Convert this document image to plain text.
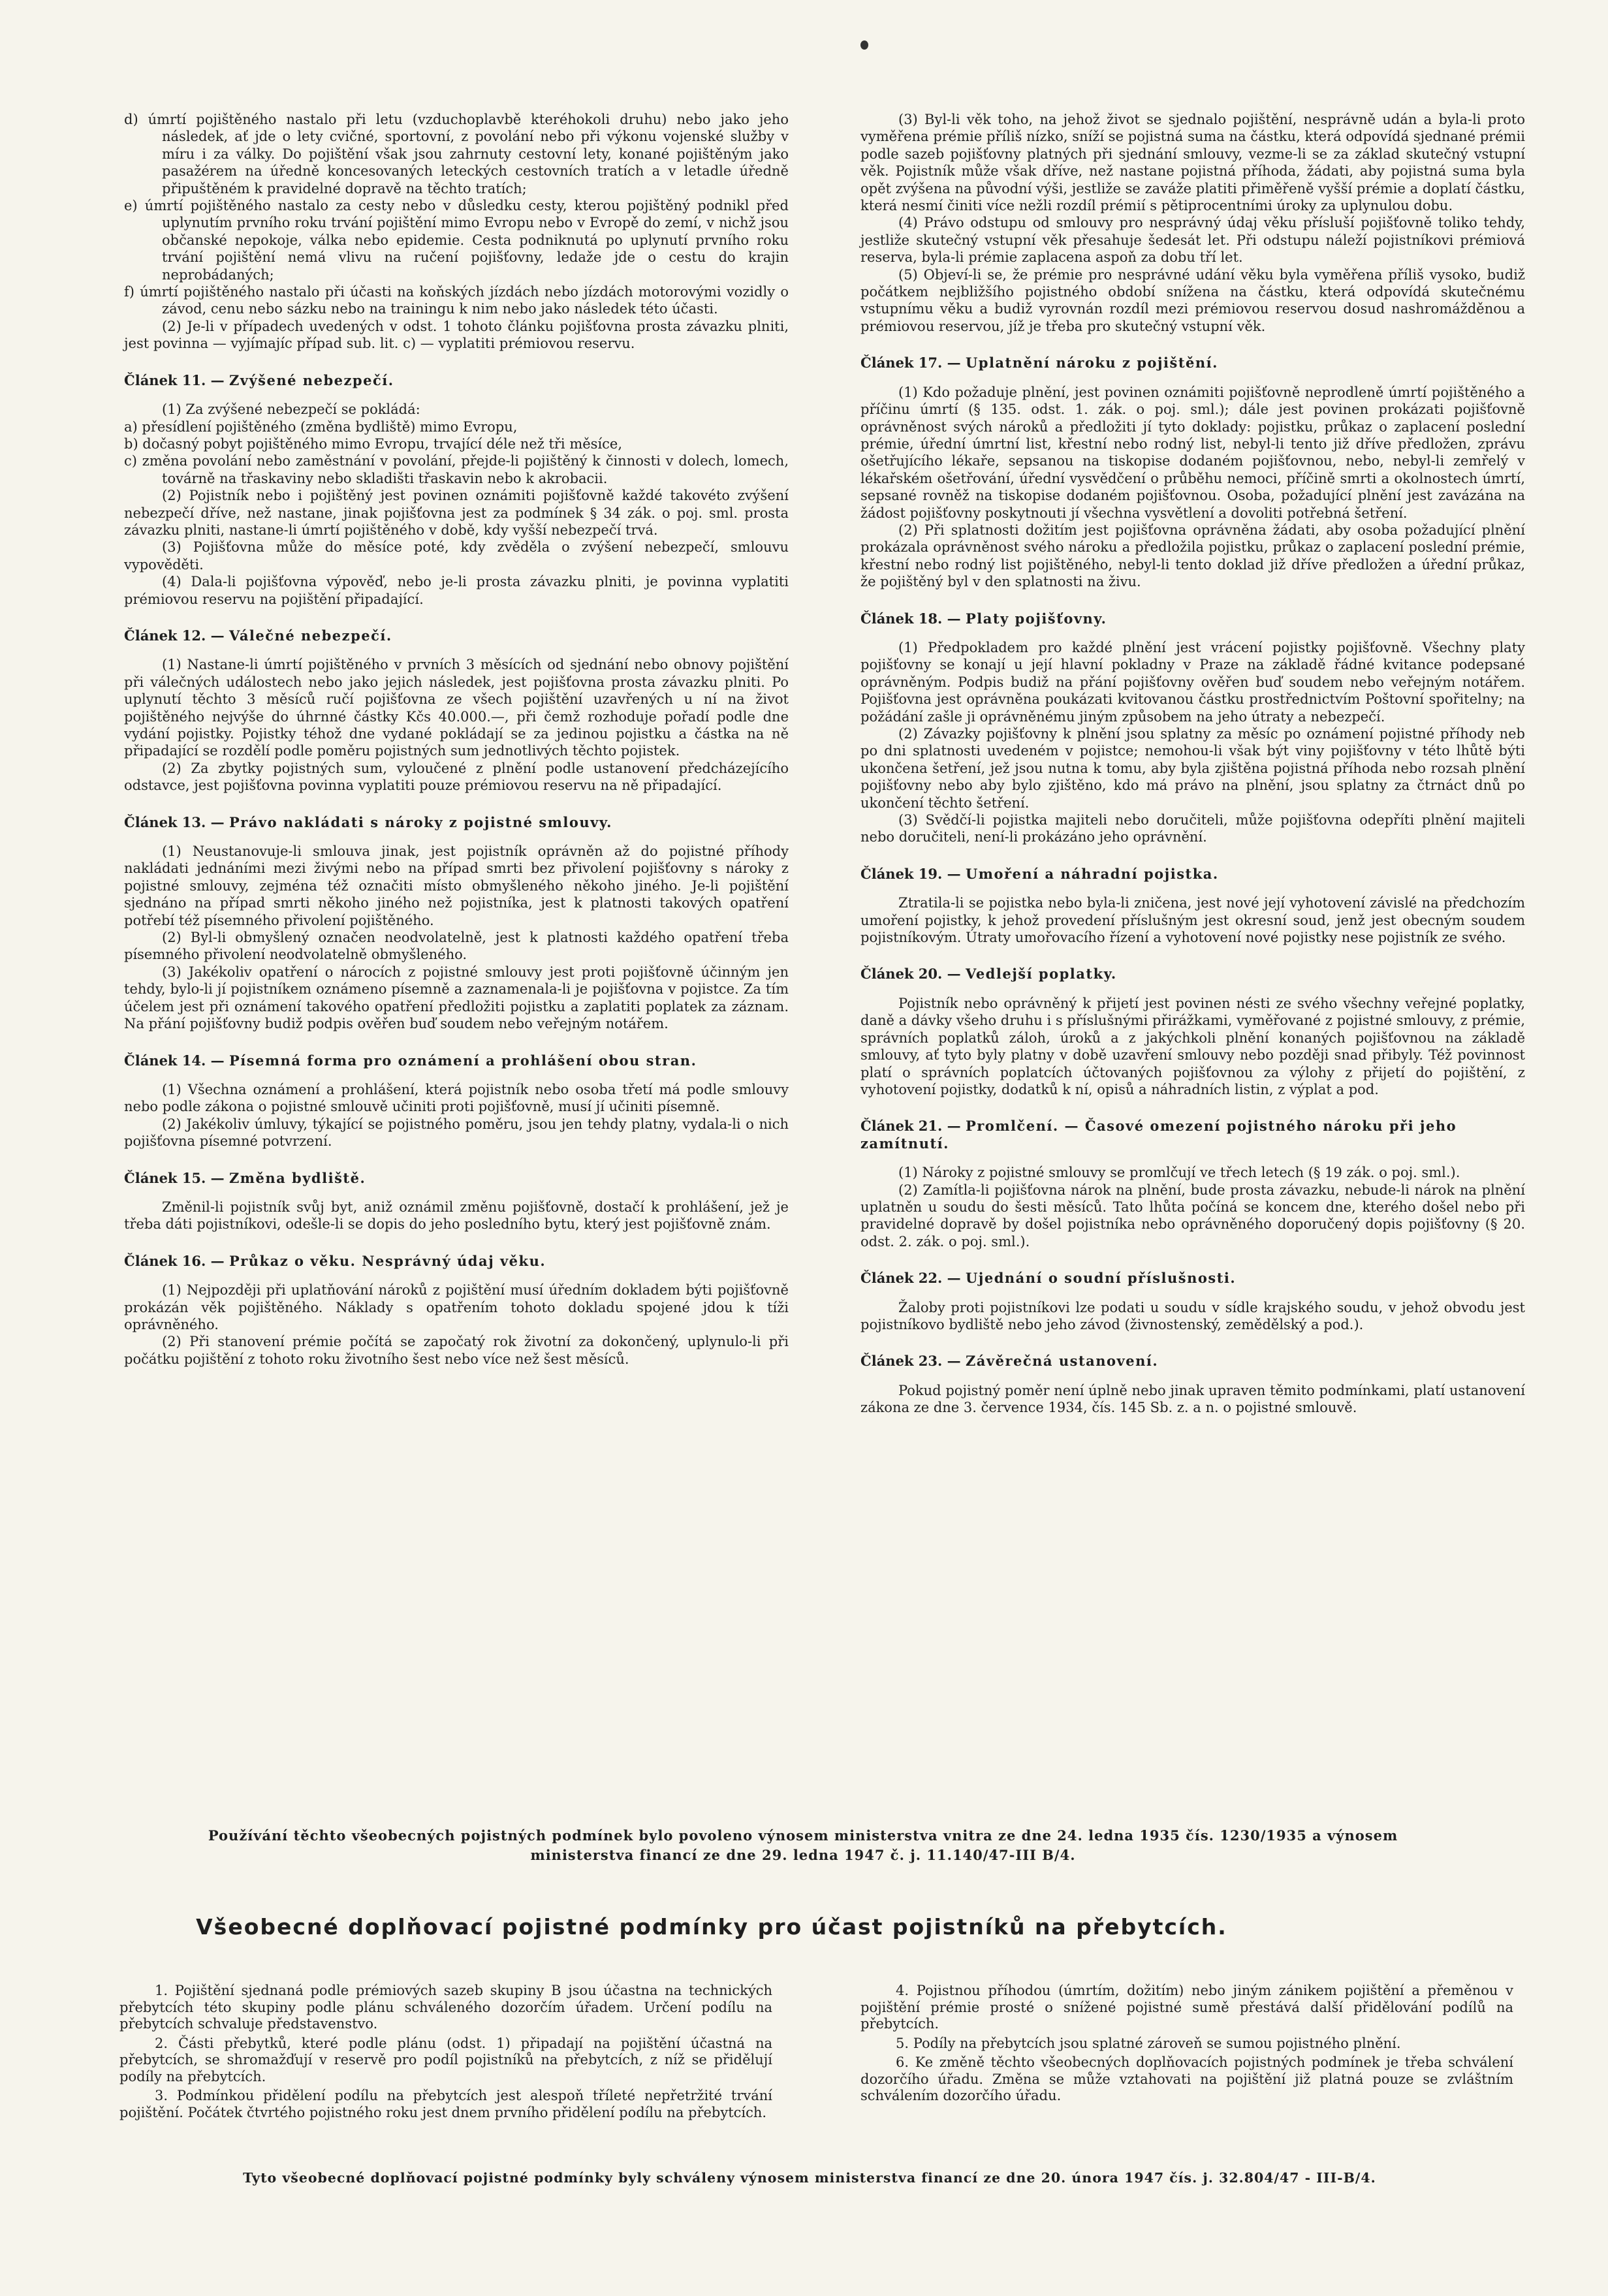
d) úmrtí pojištěného nastalo při letu (vzduchoplavbě kteréhokoli druhu) nebo jako jeho následek, ať jde o lety cvičné, sportovní, z povolání nebo při výkonu vojenské služby v míru i za války. Do pojištění však jsou zahrnuty cestovní lety, konané pojištěným jako pasažérem na úředně koncesovaných leteckých cestovních tratích a v letadle úředně připuštěném k pravidelné dopravě na těchto tratích;

e) úmrtí pojištěného nastalo za cesty nebo v důsledku cesty, kterou pojištěný podnikl před uplynutím prvního roku trvání pojištění mimo Evropu nebo v Evropě do zemí, v nichž jsou občanské nepokoje, válka nebo epidemie. Cesta podniknutá po uplynutí prvního roku trvání pojištění nemá vlivu na ručení pojišťovny, ledaže jde o cestu do krajin neprobádaných;

f) úmrtí pojištěného nastalo při účasti na koňských jízdách nebo jízdách motorovými vozidly o závod, cenu nebo sázku nebo na trainingu k nim nebo jako následek této účasti.

(2) Je-li v případech uvedených v odst. 1 tohoto článku pojišťovna prosta závazku plniti, jest povinna — vyjímajíc případ sub. lit. c) — vyplatiti prémiovou reservu.

Článek 11. — Zvýšené nebezpečí.

(1) Za zvýšené nebezpečí se pokládá:

a) přesídlení pojištěného (změna bydliště) mimo Evropu,

b) dočasný pobyt pojištěného mimo Evropu, trvající déle než tři měsíce,

c) změna povolání nebo zaměstnání v povolání, přejde-li pojištěný k činnosti v dolech, lomech, továrně na třaskaviny nebo skladišti třaskavin nebo k akrobacii.

(2) Pojistník nebo i pojištěný jest povinen oznámiti pojišťovně každé takovéto zvýšení nebezpečí dříve, než nastane, jinak pojišťovna jest za podmínek § 34 zák. o poj. sml. prosta závazku plniti, nastane-li úmrtí pojištěného v době, kdy vyšší nebezpečí trvá.

(3) Pojišťovna může do měsíce poté, kdy zvěděla o zvýšení nebezpečí, smlouvu vypověděti.

(4) Dala-li pojišťovna výpověď, nebo je-li prosta závazku plniti, je povinna vyplatiti prémiovou reservu na pojištění připadající.

Článek 12. — Válečné nebezpečí.

(1) Nastane-li úmrtí pojištěného v prvních 3 měsících od sjednání nebo obnovy pojištění při válečných událostech nebo jako jejich následek, jest pojišťovna prosta závazku plniti. Po uplynutí těchto 3 měsíců ručí pojišťovna ze všech pojištění uzavřených u ní na život pojištěného nejvýše do úhrnné částky Kčs 40.000.—, při čemž rozhoduje pořadí podle dne vydání pojistky. Pojistky téhož dne vydané pokládají se za jedinou pojistku a částka na ně připadající se rozdělí podle poměru pojistných sum jednotlivých těchto pojistek.

(2) Za zbytky pojistných sum, vyloučené z plnění podle ustanovení předcházejícího odstavce, jest pojišťovna povinna vyplatiti pouze prémiovou reservu na ně připadající.

Článek 13. — Právo nakládati s nároky z pojistné smlouvy.

(1) Neustanovuje-li smlouva jinak, jest pojistník oprávněn až do pojistné příhody nakládati jednáními mezi živými nebo na případ smrti bez přivolení pojišťovny s nároky z pojistné smlouvy, zejména též označiti místo obmyšleného někoho jiného. Je-li pojištění sjednáno na případ smrti někoho jiného než pojistníka, jest k platnosti takových opatření potřebí též písemného přivolení pojištěného.

(2) Byl-li obmyšlený označen neodvolatelně, jest k platnosti každého opatření třeba písemného přivolení neodvolatelně obmyšleného.

(3) Jakékoliv opatření o nárocích z pojistné smlouvy jest proti pojišťovně účinným jen tehdy, bylo-li jí pojistníkem oznámeno písemně a zaznamenala-li je pojišťovna v pojistce. Za tím účelem jest při oznámení takového opatření předložiti pojistku a zaplatiti poplatek za záznam. Na přání pojišťovny budiž podpis ověřen buď soudem nebo veřejným notářem.

Článek 14. — Písemná forma pro oznámení a prohlášení obou stran.

(1) Všechna oznámení a prohlášení, která pojistník nebo osoba třetí má podle smlouvy nebo podle zákona o pojistné smlouvě učiniti proti pojišťovně, musí jí učiniti písemně.

(2) Jakékoliv úmluvy, týkající se pojistného poměru, jsou jen tehdy platny, vydala-li o nich pojišťovna písemné potvrzení.

Článek 15. — Změna bydliště.

Změnil-li pojistník svůj byt, aniž oznámil změnu pojišťovně, dostačí k prohlášení, jež je třeba dáti pojistníkovi, odešle-li se dopis do jeho posledního bytu, který jest pojišťovně znám.

Článek 16. — Průkaz o věku. Nesprávný údaj věku.

(1) Nejpozději při uplatňování nároků z pojištění musí úředním dokladem býti pojišťovně prokázán věk pojištěného. Náklady s opatřením tohoto dokladu spojené jdou k tíži oprávněného.

(2) Při stanovení prémie počítá se započatý rok životní za dokončený, uplynulo-li při počátku pojištění z tohoto roku životního šest nebo více než šest měsíců.

(3) Byl-li věk toho, na jehož život se sjednalo pojištění, nesprávně udán a byla-li proto vyměřena prémie příliš nízko, sníží se pojistná suma na částku, která odpovídá sjednané prémii podle sazeb pojišťovny platných při sjednání smlouvy, vezme-li se za základ skutečný vstupní věk. Pojistník může však dříve, než nastane pojistná příhoda, žádati, aby pojistná suma byla opět zvýšena na původní výši, jestliže se zaváže platiti přiměřeně vyšší prémie a doplatí částku, která nesmí činiti více nežli rozdíl prémií s pětiprocentními úroky za uplynulou dobu.

(4) Právo odstupu od smlouvy pro nesprávný údaj věku přísluší pojišťovně toliko tehdy, jestliže skutečný vstupní věk přesahuje šedesát let. Při odstupu náleží pojistníkovi prémiová reserva, byla-li prémie zaplacena aspoň za dobu tří let.

(5) Objeví-li se, že prémie pro nesprávné udání věku byla vyměřena příliš vysoko, budiž počátkem nejbližšího pojistného období snížena na částku, která odpovídá skutečnému vstupnímu věku a budiž vyrovnán rozdíl mezi prémiovou reservou dosud nashromážděnou a prémiovou reservou, jíž je třeba pro skutečný vstupní věk.

Článek 17. — Uplatnění nároku z pojištění.

(1) Kdo požaduje plnění, jest povinen oznámiti pojišťovně neprodleně úmrtí pojištěného a příčinu úmrtí (§ 135. odst. 1. zák. o poj. sml.); dále jest povinen prokázati pojišťovně oprávněnost svých nároků a předložiti jí tyto doklady: pojistku, průkaz o zaplacení poslední prémie, úřední úmrtní list, křestní nebo rodný list, nebyl-li tento již dříve předložen, zprávu ošetřujícího lékaře, sepsanou na tiskopise dodaném pojišťovnou, nebo, nebyl-li zemřelý v lékařském ošetřování, úřední vysvědčení o průběhu nemoci, příčině smrti a okolnostech úmrtí, sepsané rovněž na tiskopise dodaném pojišťovnou. Osoba, požadující plnění jest zavázána na žádost pojišťovny poskytnouti jí všechna vysvětlení a dovoliti potřebná šetření.

(2) Při splatnosti dožitím jest pojišťovna oprávněna žádati, aby osoba požadující plnění prokázala oprávněnost svého nároku a předložila pojistku, průkaz o zaplacení poslední prémie, křestní nebo rodný list pojištěného, nebyl-li tento doklad již dříve předložen a úřední průkaz, že pojištěný byl v den splatnosti na živu.

Článek 18. — Platy pojišťovny.

(1) Předpokladem pro každé plnění jest vrácení pojistky pojišťovně. Všechny platy pojišťovny se konají u její hlavní pokladny v Praze na základě řádné kvitance podepsané oprávněným. Podpis budiž na přání pojišťovny ověřen buď soudem nebo veřejným notářem. Pojišťovna jest oprávněna poukázati kvitovanou částku prostřednictvím Poštovní spořitelny; na požádání zašle ji oprávněnému jiným způsobem na jeho útraty a nebezpečí.

(2) Závazky pojišťovny k plnění jsou splatny za měsíc po oznámení pojistné příhody neb po dni splatnosti uvedeném v pojistce; nemohou-li však být viny pojišťovny v této lhůtě býti ukončena šetření, jež jsou nutna k tomu, aby byla zjištěna pojistná příhoda nebo rozsah plnění pojišťovny nebo aby bylo zjištěno, kdo má právo na plnění, jsou splatny za čtrnáct dnů po ukončení těchto šetření.

(3) Svědčí-li pojistka majiteli nebo doručiteli, může pojišťovna odepříti plnění majiteli nebo doručiteli, není-li prokázáno jeho oprávnění.

Článek 19. — Umoření a náhradní pojistka.

Ztratila-li se pojistka nebo byla-li zničena, jest nové její vyhotovení závislé na předchozím umoření pojistky, k jehož provedení příslušným jest okresní soud, jenž jest obecným soudem pojistníkovým. Útraty umořovacího řízení a vyhotovení nové pojistky nese pojistník ze svého.

Článek 20. — Vedlejší poplatky.

Pojistník nebo oprávněný k přijetí jest povinen nésti ze svého všechny veřejné poplatky, daně a dávky všeho druhu i s příslušnými přirážkami, vyměřované z pojistné smlouvy, z prémie, správních poplatků záloh, úroků a z jakýchkoli plnění konaných pojišťovnou na základě smlouvy, ať tyto byly platny v době uzavření smlouvy nebo později snad přibyly. Též povinnost platí o správních poplatcích účtovaných pojišťovnou za výlohy z přijetí do pojištění, z vyhotovení pojistky, dodatků k ní, opisů a náhradních listin, z výplat a pod.

Článek 21. — Promlčení. — Časové omezení pojistného nároku při jeho zamítnutí.

(1) Nároky z pojistné smlouvy se promlčují ve třech letech (§ 19 zák. o poj. sml.).

(2) Zamítla-li pojišťovna nárok na plnění, bude prosta závazku, nebude-li nárok na plnění uplatněn u soudu do šesti měsíců. Tato lhůta počíná se koncem dne, kterého došel nebo při pravidelné dopravě by došel pojistníka nebo oprávněného doporučený dopis pojišťovny (§ 20. odst. 2. zák. o poj. sml.).

Článek 22. — Ujednání o soudní příslušnosti.

Žaloby proti pojistníkovi lze podati u soudu v sídle krajského soudu, v jehož obvodu jest pojistníkovo bydliště nebo jeho závod (živnostenský, zemědělský a pod.).

Článek 23. — Závěrečná ustanovení.

Pokud pojistný poměr není úplně nebo jinak upraven těmito podmínkami, platí ustanovení zákona ze dne 3. července 1934, čís. 145 Sb. z. a n. o pojistné smlouvě.

Používání těchto všeobecných pojistných podmínek bylo povoleno výnosem ministerstva vnitra ze dne 24. ledna 1935 čís. 1230/1935 a výnosem ministerstva financí ze dne 29. ledna 1947 č. j. 11.140/47-III B/4.
Všeobecné doplňovací pojistné podmínky pro účast pojistníků na přebytcích.

1. Pojištění sjednaná podle prémiových sazeb skupiny B jsou účastna na technických přebytcích této skupiny podle plánu schváleného dozorčím úřadem. Určení podílu na přebytcích schvaluje představenstvo.

2. Části přebytků, které podle plánu (odst. 1) připadají na pojištění účastná na přebytcích, se shromažďují v reservě pro podíl pojistníků na přebytcích, z níž se přidělují podíly na přebytcích.

3. Podmínkou přidělení podílu na přebytcích jest alespoň tříleté nepřetržité trvání pojištění. Počátek čtvrtého pojistného roku jest dnem prvního přidělení podílu na přebytcích.

4. Pojistnou příhodou (úmrtím, dožitím) nebo jiným zánikem pojištění a přeměnou v pojištění prémie prosté o snížené pojistné sumě přestává další přidělování podílů na přebytcích.

5. Podíly na přebytcích jsou splatné zároveň se sumou pojistného plnění.

6. Ke změně těchto všeobecných doplňovacích pojistných podmínek je třeba schválení dozorčího úřadu. Změna se může vztahovati na pojištění již platná pouze se zvláštním schválením dozorčího úřadu.

Tyto všeobecné doplňovací pojistné podmínky byly schváleny výnosem ministerstva financí ze dne 20. února 1947 čís. j. 32.804/47 - III-B/4.
